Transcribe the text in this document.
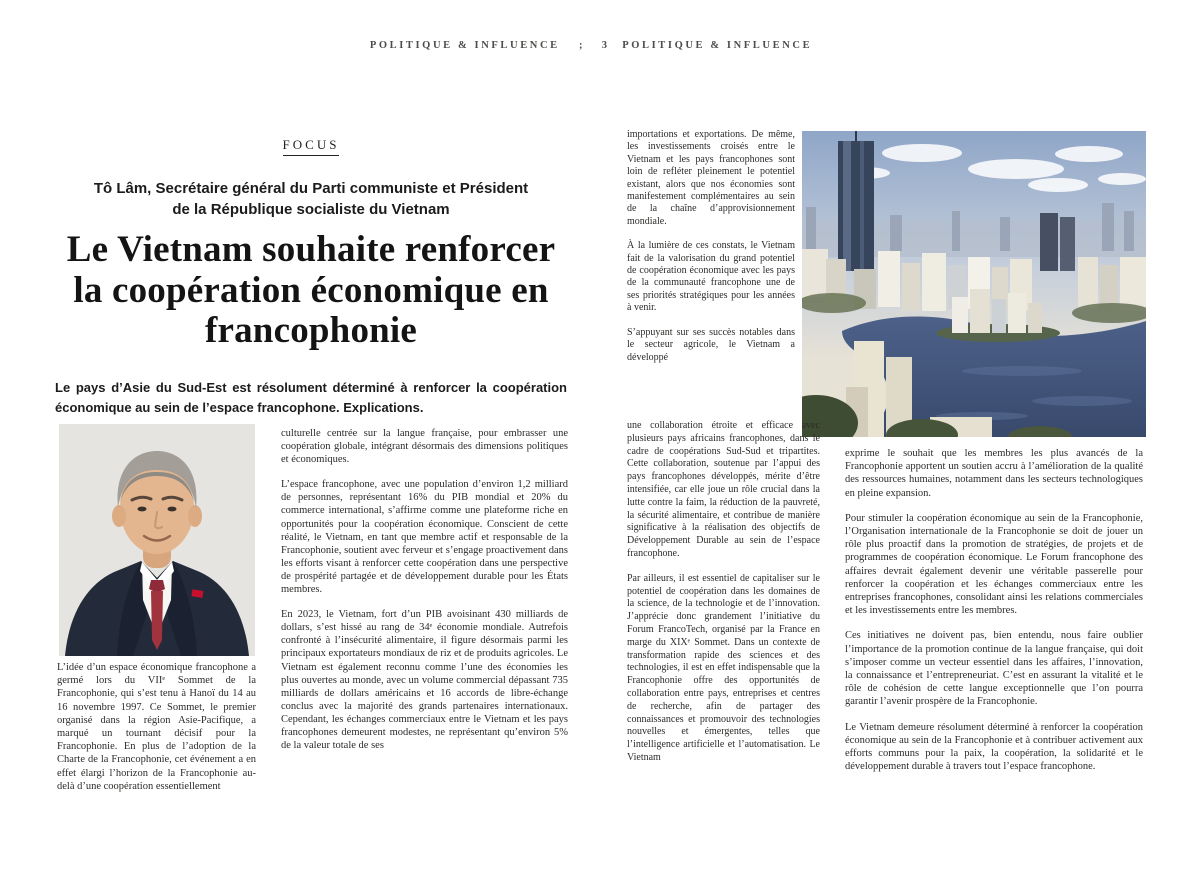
POLITIQUE & INFLUENCE ; 3 POLITIQUE & INFLUENCE
FOCUS
Tô Lâm, Secrétaire général du Parti communiste et Président de la République socialiste du Vietnam
Le Vietnam souhaite renforcer la coopération économique en francophonie

Le pays d’Asie du Sud-Est est résolument déterminé à renforcer la coopération économique au sein de l’espace francophone. Explications.

L’idée d’un espace économique francophone a germé lors du VIIᵉ Sommet de la Francophonie, qui s’est tenu à Hanoï du 14 au 16 novembre 1997. Ce Sommet, le premier organisé dans la région Asie-Pacifique, a marqué un tournant décisif pour la Francophonie. En plus de l’adoption de la Charte de la Francophonie, cet événement a en effet élargi l’horizon de la Francophonie au-delà d’une coopération essentiellement

culturelle centrée sur la langue française, pour embrasser une coopération globale, intégrant désormais des dimensions politiques et économiques.

L’espace francophone, avec une population d’environ 1,2 milliard de personnes, représentant 16% du PIB mondial et 20% du commerce international, s’affirme comme une plateforme riche en opportunités pour la coopération économique. Conscient de cette réalité, le Vietnam, en tant que membre actif et responsable de la Francophonie, soutient avec ferveur et s’engage proactivement dans les efforts visant à renforcer cette coopération dans une perspective de prospérité partagée et de développement durable pour les États membres.

En 2023, le Vietnam, fort d’un PIB avoisinant 430 milliards de dollars, s’est hissé au rang de 34ᵉ économie mondiale. Autrefois confronté à l’insécurité alimentaire, il figure désormais parmi les principaux exportateurs mondiaux de riz et de produits agricoles. Le Vietnam est également reconnu comme l’une des économies les plus ouvertes au monde, avec un volume commercial dépassant 735 milliards de dollars américains et 16 accords de libre-échange conclus avec la majorité des grands partenaires internationaux. Cependant, les échanges commerciaux entre le Vietnam et les pays francophones demeurent modestes, ne représentant qu’environ 5% de la valeur totale de ses

importations et exportations. De même, les investissements croisés entre le Vietnam et les pays francophones sont loin de refléter pleinement le potentiel existant, alors que nos économies sont manifestement complémentaires au sein de la chaîne d’approvisionnement mondiale.

À la lumière de ces constats, le Vietnam fait de la valorisation du grand potentiel de coopération économique avec les pays de la communauté francophone une de ses priorités stratégiques pour les années à venir.

S’appuyant sur ses succès notables dans le secteur agricole, le Vietnam a développé

une collaboration étroite et efficace avec plusieurs pays africains francophones, dans le cadre de coopérations Sud-Sud et tripartites. Cette collaboration, soutenue par l’appui des pays francophones développés, mérite d’être intensifiée, car elle joue un rôle crucial dans la lutte contre la faim, la réduction de la pauvreté, la sécurité alimentaire, et contribue de manière significative à la réalisation des objectifs de Développement Durable au sein de l’espace francophone.

Par ailleurs, il est essentiel de capitaliser sur le potentiel de coopération dans les domaines de la science, de la technologie et de l’innovation. J’apprécie donc grandement l’initiative du Forum FrancoTech, organisé par la France en marge du XIXᵉ Sommet. Dans un contexte de transformation rapide des sciences et des technologies, il est en effet indispensable que la Francophonie offre des opportunités de collaboration entre pays, entreprises et centres de recherche, afin de partager des connaissances et promouvoir des technologies nouvelles et émergentes, telles que l’intelligence artificielle et l’automatisation. Le Vietnam

exprime le souhait que les membres les plus avancés de la Francophonie apportent un soutien accru à l’amélioration de la qualité des ressources humaines, notamment dans les secteurs technologiques en pleine expansion.

Pour stimuler la coopération économique au sein de la Francophonie, l’Organisation internationale de la Francophonie se doit de jouer un rôle plus proactif dans la promotion de stratégies, de projets et de programmes de coopération économique. Le Forum francophone des affaires devrait également devenir une véritable passerelle pour renforcer la coopération et les échanges commerciaux entre les entreprises francophones, consolidant ainsi les relations commerciales et les investissements entre les membres.

Ces initiatives ne doivent pas, bien entendu, nous faire oublier l’importance de la promotion continue de la langue française, qui doit s’imposer comme un vecteur essentiel dans les affaires, l’innovation, la connaissance et l’entrepreneuriat. C’est en assurant la vitalité et le rôle de cohésion de cette langue exceptionnelle que l’on pourra garantir l’avenir prospère de la Francophonie.

Le Vietnam demeure résolument déterminé à renforcer la coopération économique au sein de la Francophonie et à contribuer activement aux efforts communs pour la paix, la coopération, la solidarité et le développement durable à travers tout l’espace francophone.
